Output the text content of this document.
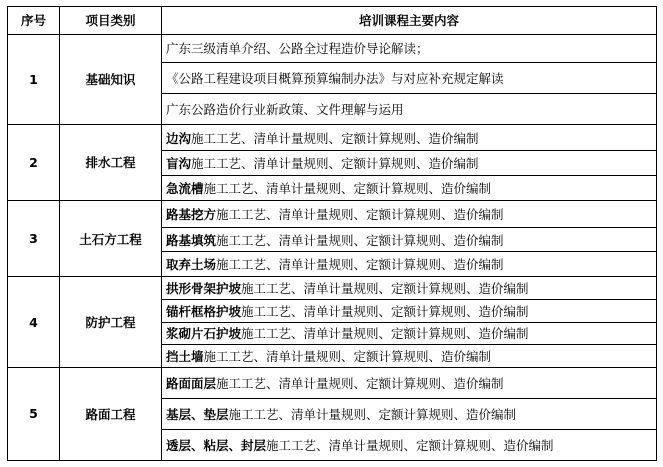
序号	项目类别	培训课程主要内容
1	基础知识	广东三级清单介绍、公路全过程造价导论解读；
		《公路工程建设项目概算预算编制办法》与对应补充规定解读
		广东公路造价行业新政策、文件理解与运用
2	排水工程	边沟施工工艺、清单计量规则、定额计算规则、造价编制
		盲沟施工工艺、清单计量规则、定额计算规则、造价编制
		急流槽施工工艺、清单计量规则、定额计算规则、造价编制
3	土石方工程	路基挖方施工工艺、清单计量规则、定额计算规则、造价编制
		路基填筑施工工艺、清单计量规则、定额计算规则、造价编制
		取弃土场施工工艺、清单计量规则、定额计算规则、造价编制
4	防护工程	拱形骨架护坡施工工艺、清单计量规则、定额计算规则、造价编制
		锚杆框格护坡施工工艺、清单计量规则、定额计算规则、造价编制
		浆砌片石护坡施工工艺、清单计量规则、定额计算规则、造价编制
		挡土墙施工工艺、清单计量规则、定额计算规则、造价编制
5	路面工程	路面面层施工工艺、清单计量规则、定额计算规则、造价编制
		基层、垫层施工工艺、清单计量规则、定额计算规则、造价编制
		透层、粘层、封层施工工艺、清单计量规则、定额计算规则、造价编制
